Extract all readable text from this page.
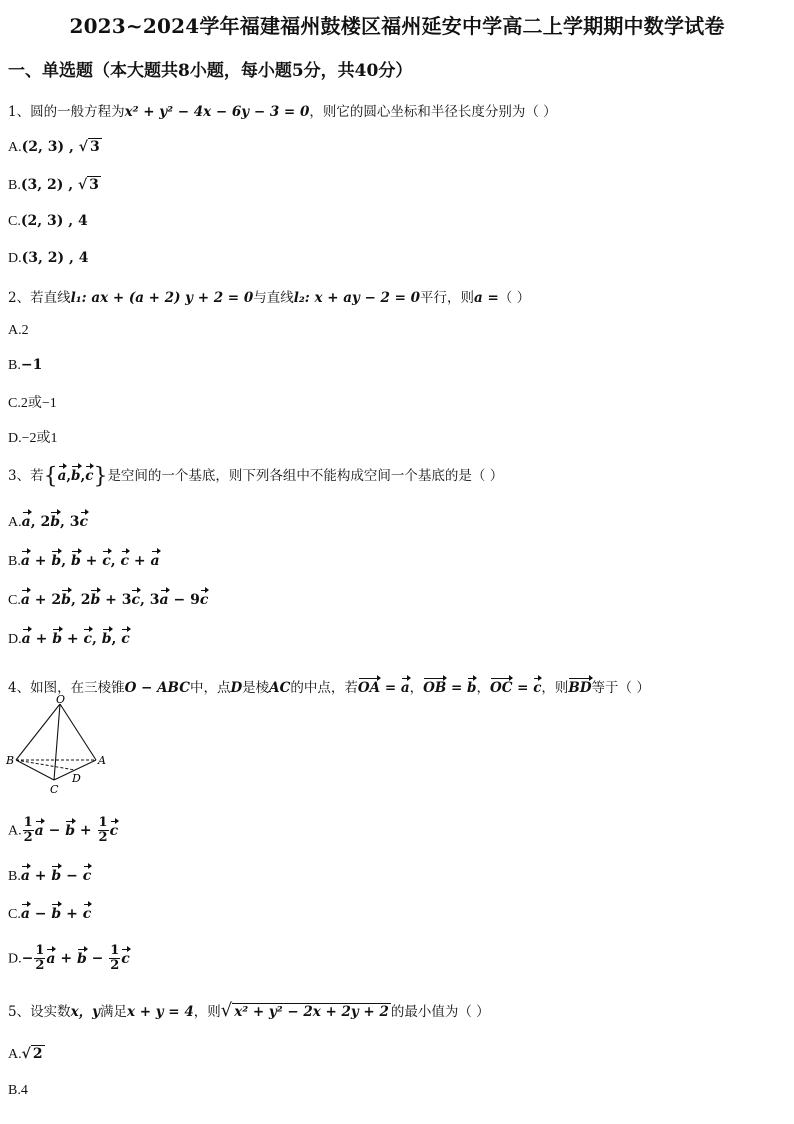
2023~2024学年福建福州鼓楼区福州延安中学高二上学期期中数学试卷
一、单选题（本大题共8小题，每小题5分，共40分）
1、圆的一般方程为x² + y² − 4x − 6y − 3 = 0，则它的圆心坐标和半径长度分别为（ ）
A.(2, 3) , √ 3
B.(3, 2) , √ 3
C.(2, 3) , 4
D.(3, 2) , 4
2、若直线l₁: ax + (a + 2) y + 2 = 0与直线l₂: x + ay − 2 = 0平行，则a =（ ）
A.2
B.−1
C.2或−1
D.−2或1
3、若{a,b,c}是空间的一个基底，则下列各组中不能构成空间一个基底的是（ ）
A.a, 2b, 3c
B.a + b, b + c, c + a
C.a + 2b, 2b + 3c, 3a − 9c
D.a + b + c, b, c
4、如图，在三棱锥O − ABC中，点D是棱AC的中点，若OA = a，OB = b，OC = c，则BD等于（ ）
O
B	A
D
C
A. $\frac{1}{2}$ $a - b + \frac{1}{2}$ c
B.a + b − c
C.a − b + c
$D.- \frac{1}{2}$ $a + b - \frac{1}{2}$ c
5、设实数x，y满足x + y = 4，则√ x² + y² − 2x + 2y + 2 的最小值为（ ）
A.√ 2
B.4
